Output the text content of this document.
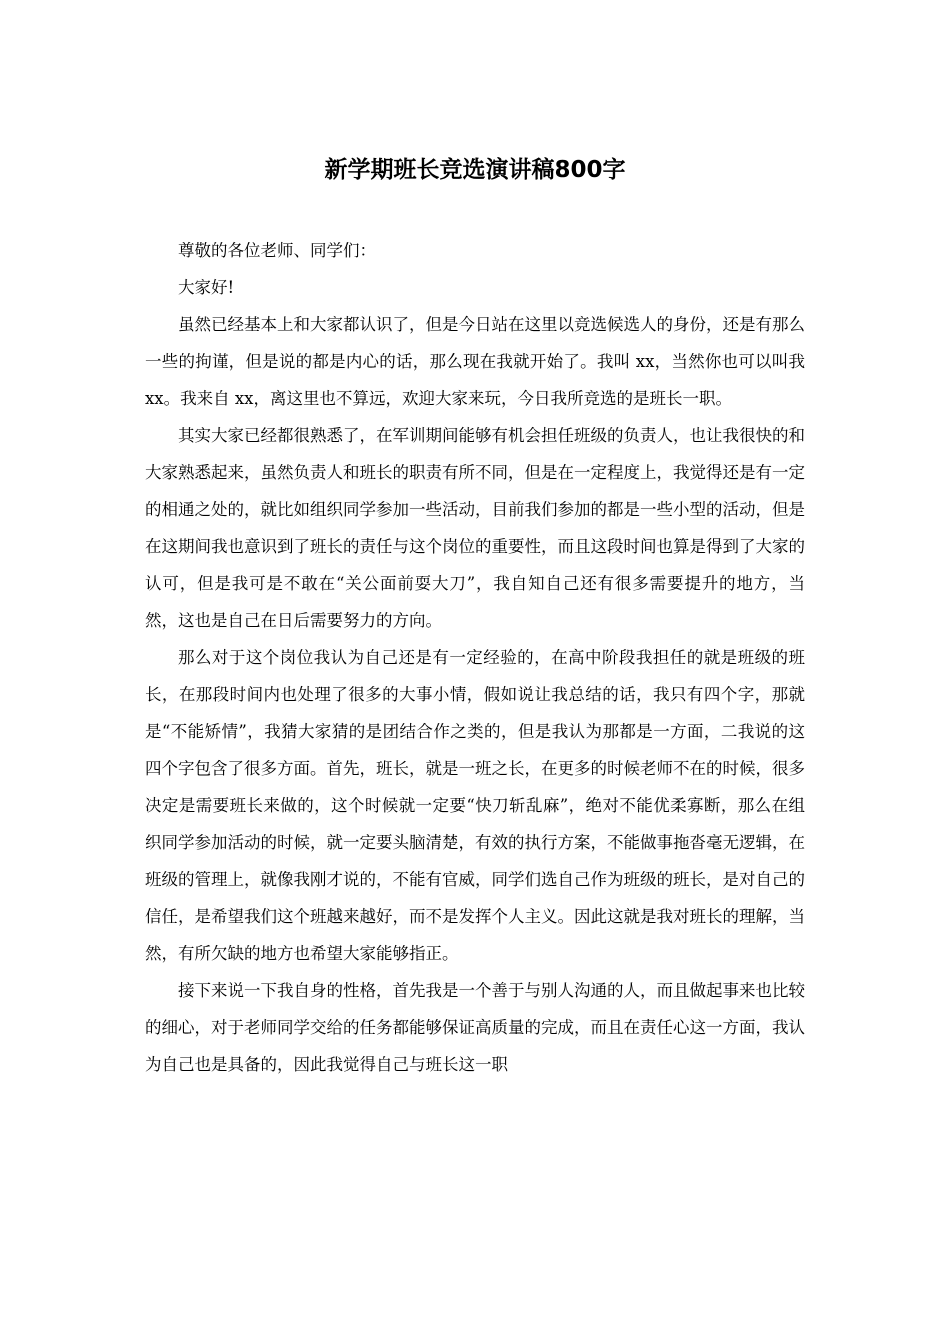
新学期班长竞选演讲稿800字

尊敬的各位老师、同学们：

大家好!

虽然已经基本上和大家都认识了，但是今日站在这里以竞选候选人的身份，还是有那么一些的拘谨，但是说的都是内心的话，那么现在我就开始了。我叫 xx，当然你也可以叫我 xx。我来自 xx，离这里也不算远，欢迎大家来玩，今日我所竞选的是班长一职。

其实大家已经都很熟悉了，在军训期间能够有机会担任班级的负责人，也让我很快的和大家熟悉起来，虽然负责人和班长的职责有所不同，但是在一定程度上，我觉得还是有一定的相通之处的，就比如组织同学参加一些活动，目前我们参加的都是一些小型的活动，但是在这期间我也意识到了班长的责任与这个岗位的重要性，而且这段时间也算是得到了大家的认可，但是我可是不敢在“关公面前耍大刀”，我自知自己还有很多需要提升的地方，当然，这也是自己在日后需要努力的方向。

那么对于这个岗位我认为自己还是有一定经验的，在高中阶段我担任的就是班级的班长，在那段时间内也处理了很多的大事小情，假如说让我总结的话，我只有四个字，那就是“不能矫情”，我猜大家猜的是团结合作之类的，但是我认为那都是一方面，二我说的这四个字包含了很多方面。首先，班长，就是一班之长，在更多的时候老师不在的时候，很多决定是需要班长来做的，这个时候就一定要“快刀斩乱麻”，绝对不能优柔寡断，那么在组织同学参加活动的时候，就一定要头脑清楚，有效的执行方案，不能做事拖沓毫无逻辑，在班级的管理上，就像我刚才说的，不能有官威，同学们选自己作为班级的班长，是对自己的信任，是希望我们这个班越来越好，而不是发挥个人主义。因此这就是我对班长的理解，当然，有所欠缺的地方也希望大家能够指正。

接下来说一下我自身的性格，首先我是一个善于与别人沟通的人，而且做起事来也比较的细心，对于老师同学交给的任务都能够保证高质量的完成，而且在责任心这一方面，我认为自己也是具备的，因此我觉得自己与班长这一职
